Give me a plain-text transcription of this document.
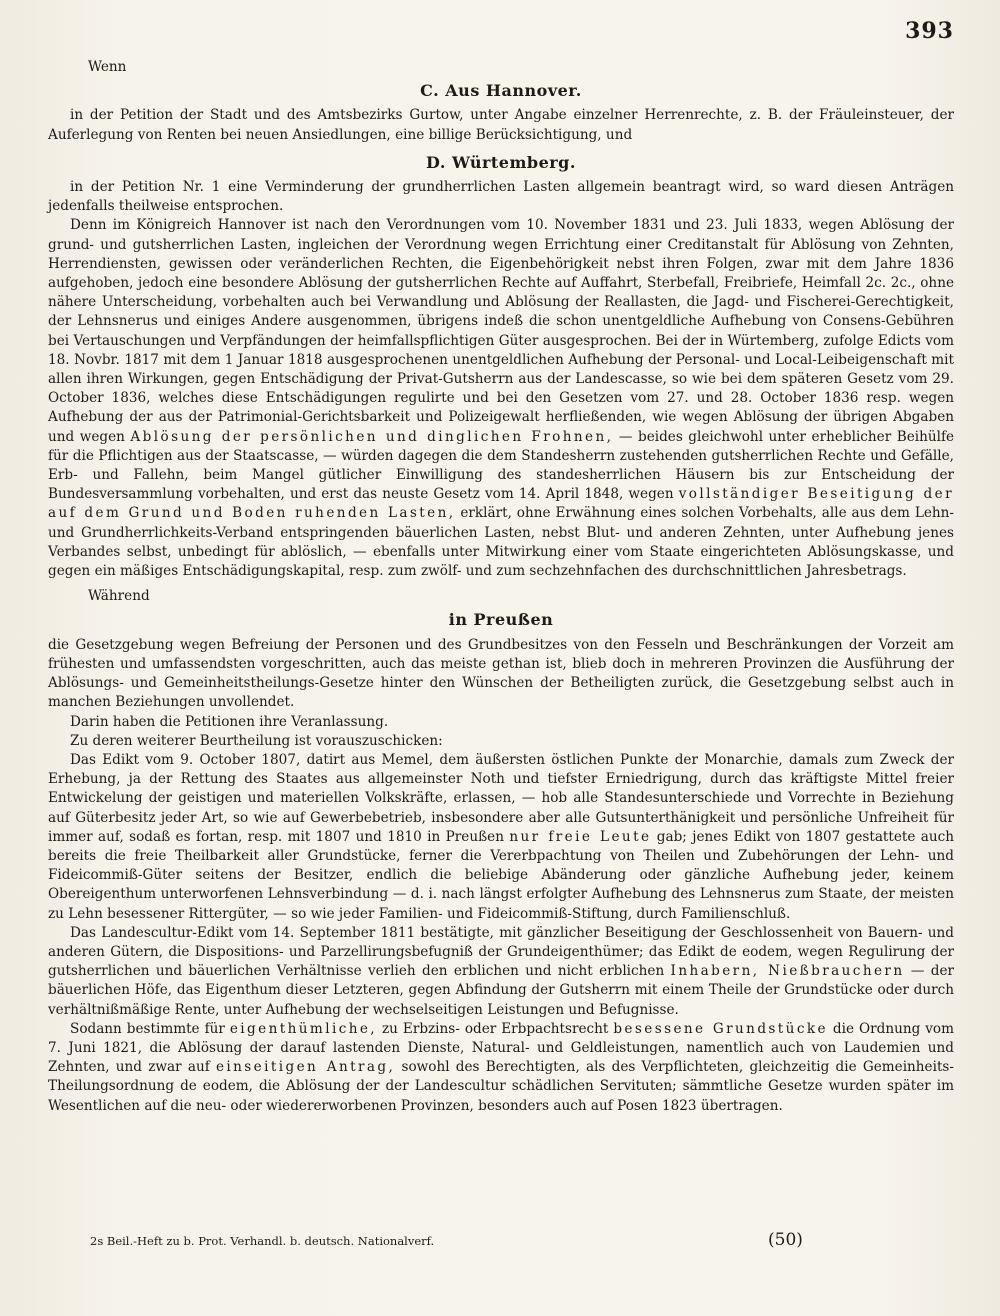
393

Wenn

C. Aus Hannover.

in der Petition der Stadt und des Amtsbezirks Gurtow, unter Angabe einzelner Herrenrechte, z. B. der Fräuleinsteuer, der Auferlegung von Renten bei neuen Ansiedlungen, eine billige Berücksichtigung, und

D. Würtemberg.

in der Petition Nr. 1 eine Verminderung der grundherrlichen Lasten allgemein beantragt wird, so ward diesen Anträgen jedenfalls theilweise entsprochen.

Denn im Königreich Hannover ist nach den Verordnungen vom 10. November 1831 und 23. Juli 1833, wegen Ablösung der grund- und gutsherrlichen Lasten, ingleichen der Verordnung wegen Errichtung einer Creditanstalt für Ablösung von Zehnten, Herrendiensten, gewissen oder veränderlichen Rechten, die Eigenbehörigkeit nebst ihren Folgen, zwar mit dem Jahre 1836 aufgehoben, jedoch eine besondere Ablösung der gutsherrlichen Rechte auf Auffahrt, Sterbefall, Freibriefe, Heimfall 2c. 2c., ohne nähere Unterscheidung, vorbehalten auch bei Verwandlung und Ablösung der Reallasten, die Jagd- und Fischerei-Gerechtigkeit, der Lehnsnerus und einiges Andere ausgenommen, übrigens indeß die schon unentgeldliche Aufhebung von Consens-Gebühren bei Vertauschungen und Verpfändungen der heimfallspflichtigen Güter ausgesprochen. Bei der in Würtemberg, zufolge Edicts vom 18. Novbr. 1817 mit dem 1 Januar 1818 ausgesprochenen unentgeldlichen Aufhebung der Personal- und Local-Leibeigenschaft mit allen ihren Wirkungen, gegen Entschädigung der Privat-Gutsherrn aus der Landescasse, so wie bei dem späteren Gesetz vom 29. October 1836, welches diese Entschädigungen regulirte und bei den Gesetzen vom 27. und 28. October 1836 resp. wegen Aufhebung der aus der Patrimonial-Gerichtsbarkeit und Polizeigewalt herfließenden, wie wegen Ablösung der übrigen Abgaben und wegen Ablösung der persönlichen und dinglichen Frohnen, — beides gleichwohl unter erheblicher Beihülfe für die Pflichtigen aus der Staatscasse, — würden dagegen die dem Standesherrn zustehenden gutsherrlichen Rechte und Gefälle, Erb- und Fallehn, beim Mangel gütlicher Einwilligung des standesherrlichen Häusern bis zur Entscheidung der Bundesversammlung vorbehalten, und erst das neuste Gesetz vom 14. April 1848, wegen vollständiger Beseitigung der auf dem Grund und Boden ruhenden Lasten, erklärt, ohne Erwähnung eines solchen Vorbehalts, alle aus dem Lehn- und Grundherrlichkeits-Verband entspringenden bäuerlichen Lasten, nebst Blut- und anderen Zehnten, unter Aufhebung jenes Verbandes selbst, unbedingt für ablöslich, — ebenfalls unter Mitwirkung einer vom Staate eingerichteten Ablösungskasse, und gegen ein mäßiges Entschädigungskapital, resp. zum zwölf- und zum sechzehnfachen des durchschnittlichen Jahresbetrags.

Während

in Preußen

die Gesetzgebung wegen Befreiung der Personen und des Grundbesitzes von den Fesseln und Beschränkungen der Vorzeit am frühesten und umfassendsten vorgeschritten, auch das meiste gethan ist, blieb doch in mehreren Provinzen die Ausführung der Ablösungs- und Gemeinheitstheilungs-Gesetze hinter den Wünschen der Betheiligten zurück, die Gesetzgebung selbst auch in manchen Beziehungen unvollendet.

Darin haben die Petitionen ihre Veranlassung.

Zu deren weiterer Beurtheilung ist vorauszuschicken:

Das Edikt vom 9. October 1807, datirt aus Memel, dem äußersten östlichen Punkte der Monarchie, damals zum Zweck der Erhebung, ja der Rettung des Staates aus allgemeinster Noth und tiefster Erniedrigung, durch das kräftigste Mittel freier Entwickelung der geistigen und materiellen Volkskräfte, erlassen, — hob alle Standesunterschiede und Vorrechte in Beziehung auf Güterbesitz jeder Art, so wie auf Gewerbebetrieb, insbesondere aber alle Gutsunterthänigkeit und persönliche Unfreiheit für immer auf, sodaß es fortan, resp. mit 1807 und 1810 in Preußen nur freie Leute gab; jenes Edikt von 1807 gestattete auch bereits die freie Theilbarkeit aller Grundstücke, ferner die Vererbpachtung von Theilen und Zubehörungen der Lehn- und Fideicommiß-Güter seitens der Besitzer, endlich die beliebige Abänderung oder gänzliche Aufhebung jeder, keinem Obereigenthum unterworfenen Lehnsverbindung — d. i. nach längst erfolgter Aufhebung des Lehnsnerus zum Staate, der meisten zu Lehn besessener Rittergüter, — so wie jeder Familien- und Fideicommiß-Stiftung, durch Familienschluß.

Das Landescultur-Edikt vom 14. September 1811 bestätigte, mit gänzlicher Beseitigung der Geschlossenheit von Bauern- und anderen Gütern, die Dispositions- und Parzellirungsbefugniß der Grundeigenthümer; das Edikt de eodem, wegen Regulirung der gutsherrlichen und bäuerlichen Verhältnisse verlieh den erblichen und nicht erblichen Inhabern, Nießbrauchern — der bäuerlichen Höfe, das Eigenthum dieser Letzteren, gegen Abfindung der Gutsherrn mit einem Theile der Grundstücke oder durch verhältnißmäßige Rente, unter Aufhebung der wechselseitigen Leistungen und Befugnisse.

Sodann bestimmte für eigenthümliche, zu Erbzins- oder Erbpachtsrecht besessene Grundstücke die Ordnung vom 7. Juni 1821, die Ablösung der darauf lastenden Dienste, Natural- und Geldleistungen, namentlich auch von Laudemien und Zehnten, und zwar auf einseitigen Antrag, sowohl des Berechtigten, als des Verpflichteten, gleichzeitig die Gemeinheits-Theilungsordnung de eodem, die Ablösung der der Landescultur schädlichen Servituten; sämmtliche Gesetze wurden später im Wesentlichen auf die neu- oder wiedererworbenen Provinzen, besonders auch auf Posen 1823 übertragen.

2s Beil.-Heft zu b. Prot. Verhandl. b. deutsch. Nationalverf.	(50)
